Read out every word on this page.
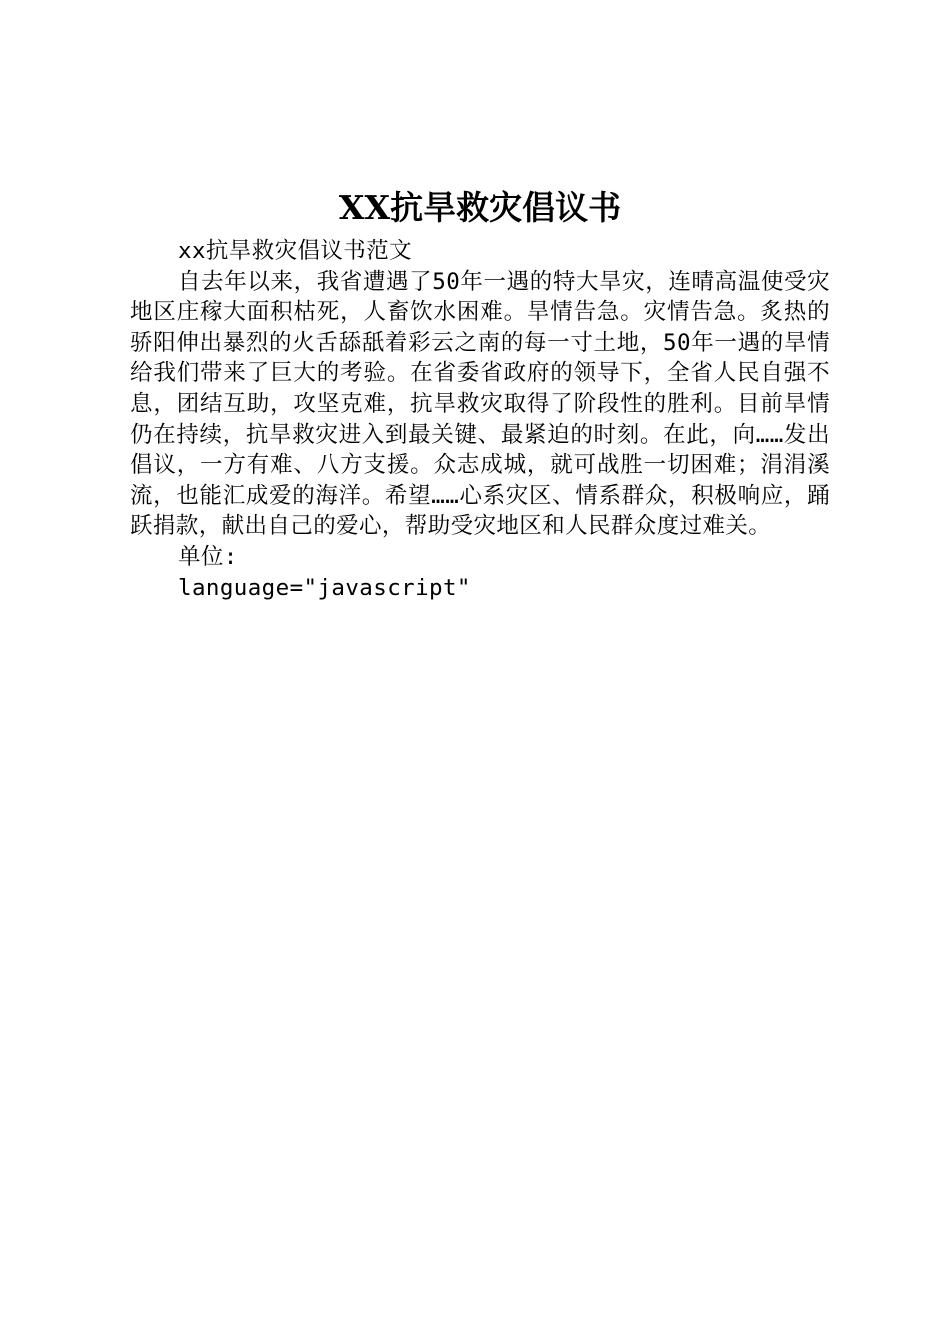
XX抗旱救灾倡议书

xx抗旱救灾倡议书范文

自去年以来，我省遭遇了50年一遇的特大旱灾，连晴高温使受灾地区庄稼大面积枯死，人畜饮水困难。旱情告急。灾情告急。炙热的骄阳伸出暴烈的火舌舔舐着彩云之南的每一寸土地，50年一遇的旱情给我们带来了巨大的考验。在省委省政府的领导下，全省人民自强不息，团结互助，攻坚克难，抗旱救灾取得了阶段性的胜利。目前旱情仍在持续，抗旱救灾进入到最关键、最紧迫的时刻。在此，向……发出倡议，一方有难、八方支援。众志成城，就可战胜一切困难；涓涓溪流，也能汇成爱的海洋。希望……心系灾区、情系群众，积极响应，踊跃捐款，献出自己的爱心，帮助受灾地区和人民群众度过难关。

单位:

language="javascript"
